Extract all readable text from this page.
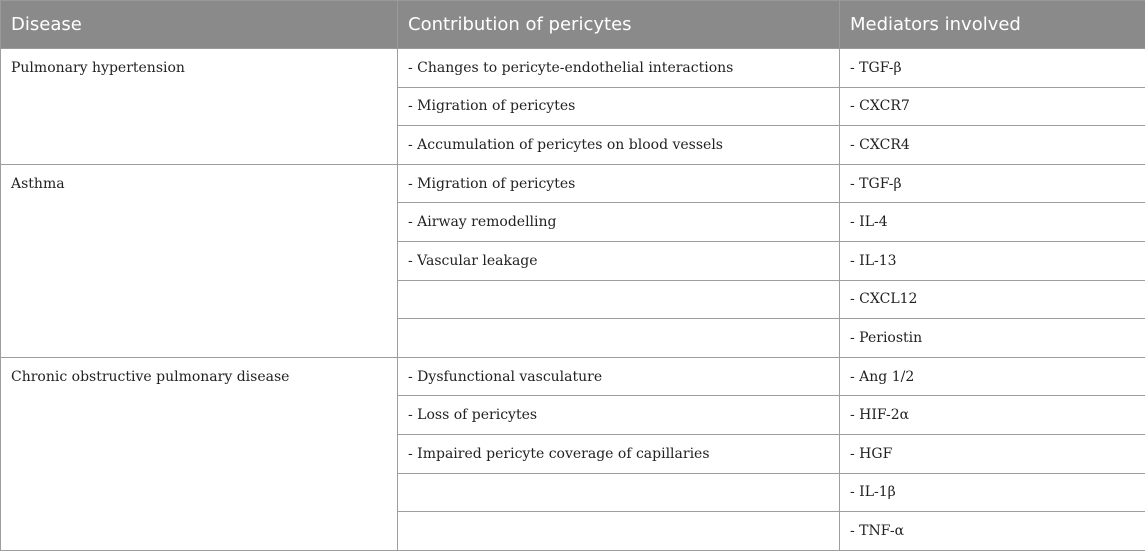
Disease	Contribution of pericytes	Mediators involved
Pulmonary hypertension	- Changes to pericyte-endothelial interactions	- TGF-β
	- Migration of pericytes	- CXCR7
	- Accumulation of pericytes on blood vessels	- CXCR4
Asthma	- Migration of pericytes	- TGF-β
	- Airway remodelling	- IL-4
	- Vascular leakage	- IL-13
		- CXCL12
		- Periostin
Chronic obstructive pulmonary disease	- Dysfunctional vasculature	- Ang 1/2
	- Loss of pericytes	- HIF-2α
	- Impaired pericyte coverage of capillaries	- HGF
		- IL-1β
		- TNF-α
